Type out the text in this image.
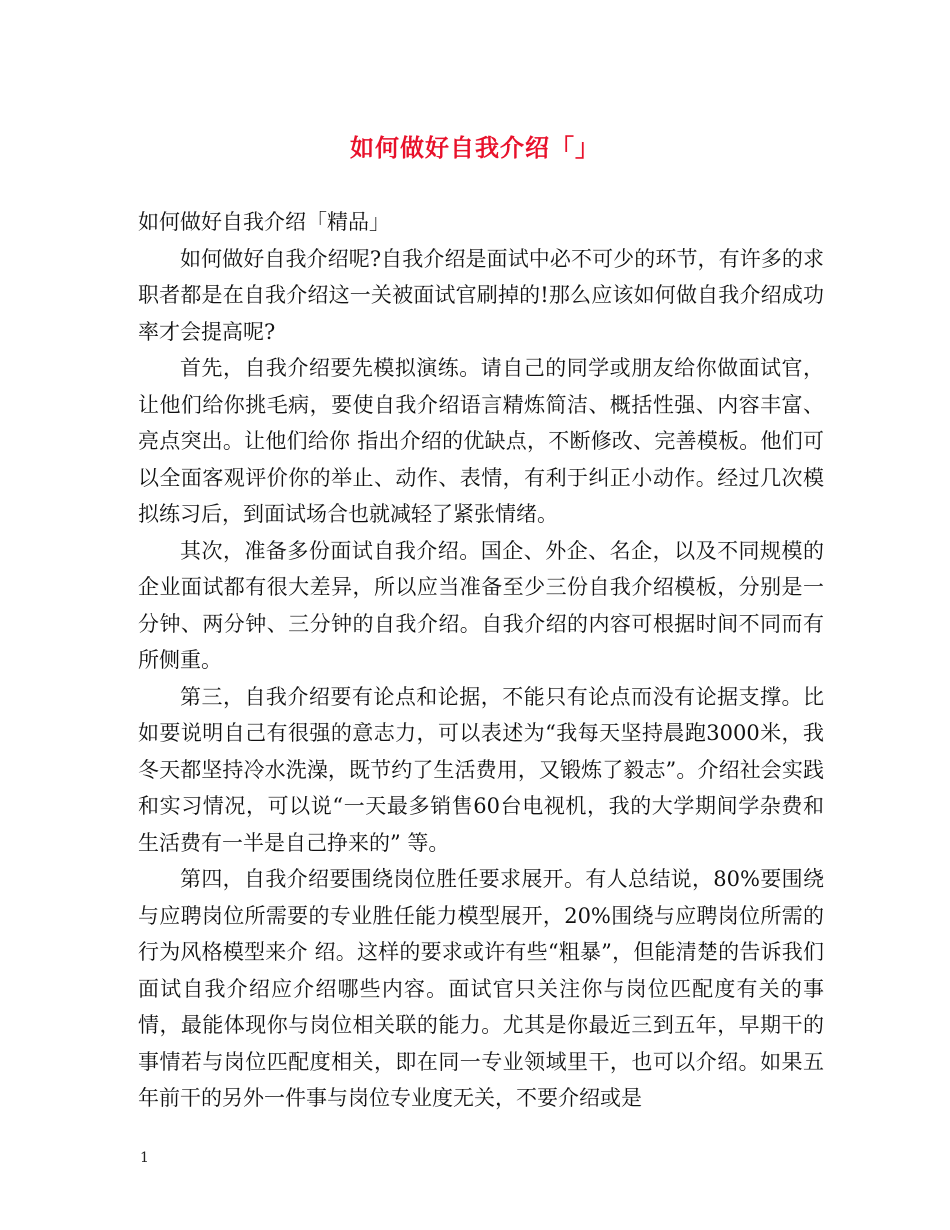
如何做好自我介绍「」

如何做好自我介绍「精品」

如何做好自我介绍呢?自我介绍是面试中必不可少的环节，有许多的求职者都是在自我介绍这一关被面试官刷掉的!那么应该如何做自我介绍成功率才会提高呢?

首先，自我介绍要先模拟演练。请自己的同学或朋友给你做面试官，让他们给你挑毛病，要使自我介绍语言精炼简洁、概括性强、内容丰富、亮点突出。让他们给你 指出介绍的优缺点，不断修改、完善模板。他们可以全面客观评价你的举止、动作、表情，有利于纠正小动作。经过几次模拟练习后，到面试场合也就减轻了紧张情绪。

其次，准备多份面试自我介绍。国企、外企、名企，以及不同规模的企业面试都有很大差异，所以应当准备至少三份自我介绍模板，分别是一分钟、两分钟、三分钟的自我介绍。自我介绍的内容可根据时间不同而有所侧重。

第三，自我介绍要有论点和论据，不能只有论点而没有论据支撑。比如要说明自己有很强的意志力，可以表述为“我每天坚持晨跑3000米，我冬天都坚持冷水洗澡，既节约了生活费用，又锻炼了毅志”。介绍社会实践和实习情况，可以说“一天最多销售60台电视机，我的大学期间学杂费和生活费有一半是自己挣来的” 等。

第四，自我介绍要围绕岗位胜任要求展开。有人总结说，80%要围绕与应聘岗位所需要的专业胜任能力模型展开，20%围绕与应聘岗位所需的行为风格模型来介 绍。这样的要求或许有些“粗暴”，但能清楚的告诉我们面试自我介绍应介绍哪些内容。面试官只关注你与岗位匹配度有关的事情，最能体现你与岗位相关联的能力。尤其是你最近三到五年，早期干的事情若与岗位匹配度相关，即在同一专业领域里干，也可以介绍。如果五年前干的另外一件事与岗位专业度无关，不要介绍或是

1
